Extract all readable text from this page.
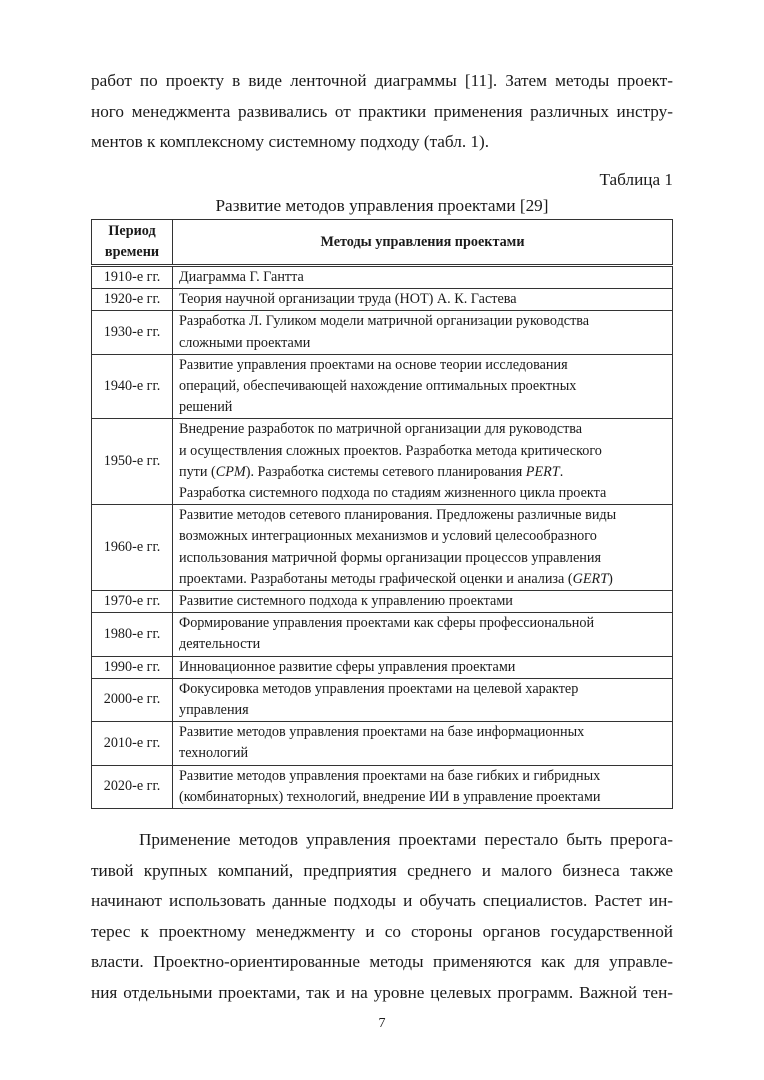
работ по проекту в виде ленточной диаграммы [11]. Затем методы проект-
ного менеджмента развивались от практики применения различных инстру-
ментов к комплексному системному подходу (табл. 1).

Таблица 1

Развитие методов управления проектами [29]

Период
времени	Методы управления проектами
1910-е гг.	Диаграмма Г. Гантта

1920-е гг.	Теория научной организации труда (НОТ) А. К. Гастева

1930-е гг.	Разработка Л. Гуликом модели матричной организации руководства
сложными проектами

1940-е гг.	Развитие управления проектами на основе теории исследования
операций, обеспечивающей нахождение оптимальных проектных
решений

1950-е гг.	Внедрение разработок по матричной организации для руководства
и осуществления сложных проектов. Разработка метода критического
пути (CPM). Разработка системы сетевого планирования PERT.
Разработка системного подхода по стадиям жизненного цикла проекта

1960-е гг.	Развитие методов сетевого планирования. Предложены различные виды
возможных интеграционных механизмов и условий целесообразного
использования матричной формы организации процессов управления
проектами. Разработаны методы графической оценки и анализа (GERT)

1970-е гг.	Развитие системного подхода к управлению проектами

1980-е гг.	Формирование управления проектами как сферы профессиональной
деятельности

1990-е гг.	Инновационное развитие сферы управления проектами

2000-е гг.	Фокусировка методов управления проектами на целевой характер
управления

2010-е гг.	Развитие методов управления проектами на базе информационных
технологий

2020-е гг.	Развитие методов управления проектами на базе гибких и гибридных
(комбинаторных) технологий, внедрение ИИ в управление проектами
Применение методов управления проектами перестало быть прерога-
тивой крупных компаний, предприятия среднего и малого бизнеса также
начинают использовать данные подходы и обучать специалистов. Растет ин-
терес к проектному менеджменту и со стороны органов государственной
власти. Проектно-ориентированные методы применяются как для управле-
ния отдельными проектами, так и на уровне целевых программ. Важной тен-

7
